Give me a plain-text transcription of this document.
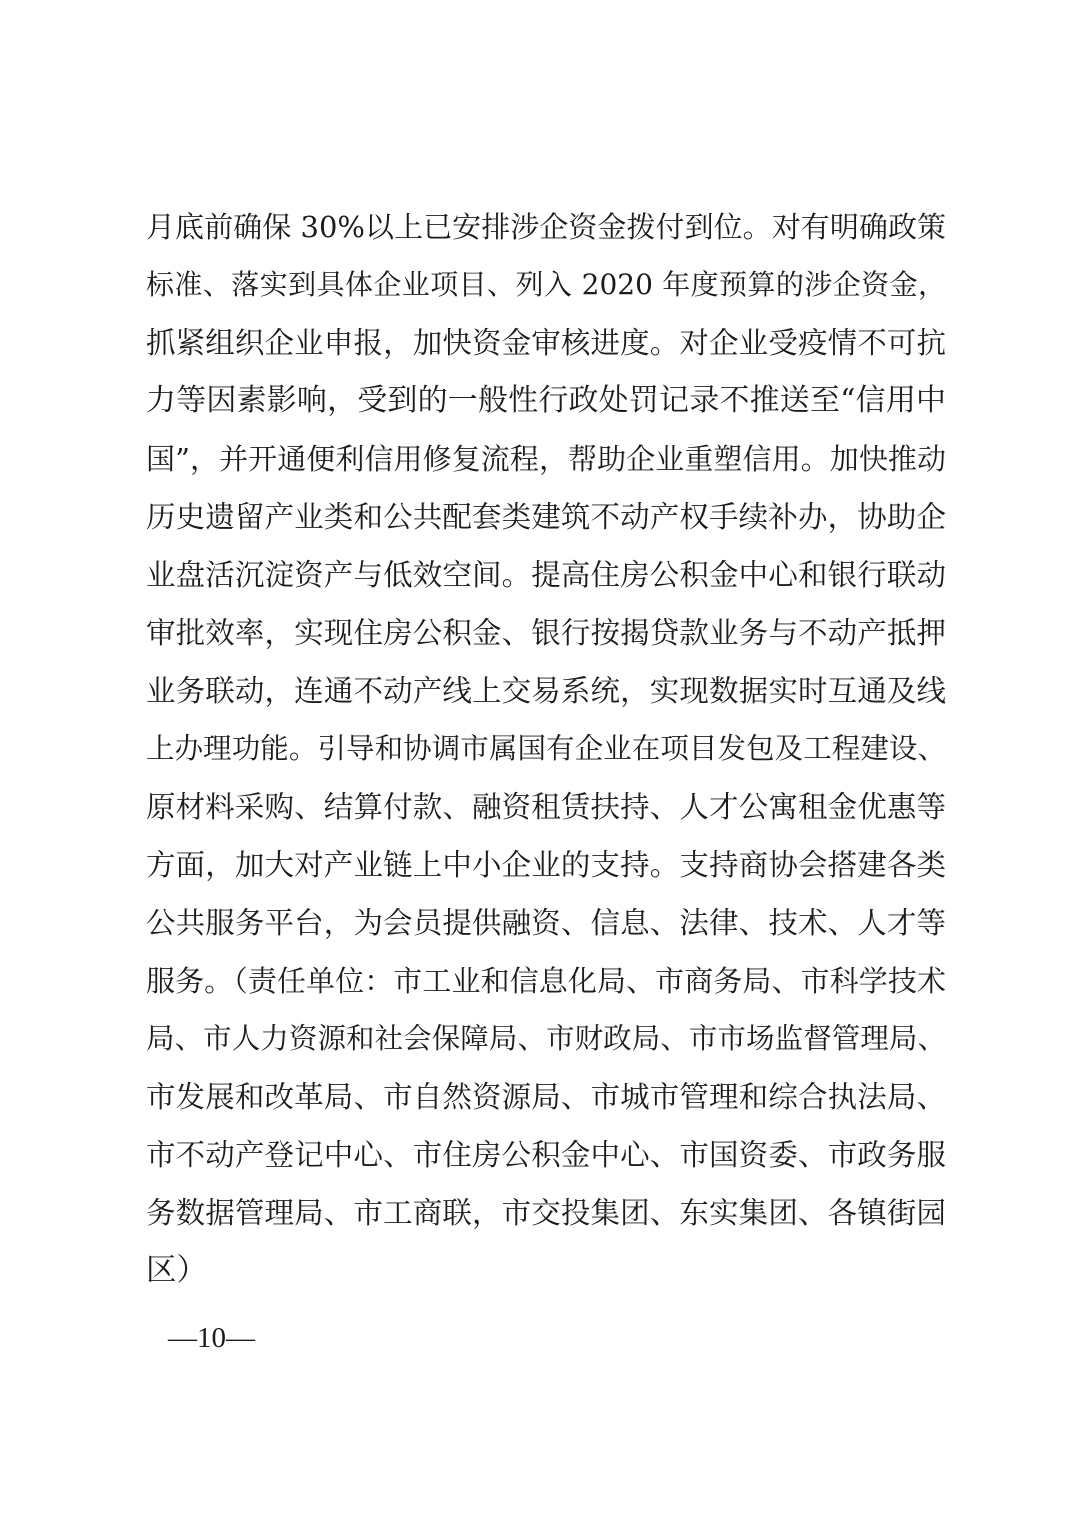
月底前确保 30%以上已安排涉企资金拨付到位。对有明确政策
标准、落实到具体企业项目、列入 2020 年度预算的涉企资金，
抓紧组织企业申报，加快资金审核进度。对企业受疫情不可抗
力等因素影响，受到的一般性行政处罚记录不推送至“信用中
国”，并开通便利信用修复流程，帮助企业重塑信用。加快推动
历史遗留产业类和公共配套类建筑不动产权手续补办，协助企
业盘活沉淀资产与低效空间。提高住房公积金中心和银行联动
审批效率，实现住房公积金、银行按揭贷款业务与不动产抵押
业务联动，连通不动产线上交易系统，实现数据实时互通及线
上办理功能。引导和协调市属国有企业在项目发包及工程建设、
原材料采购、结算付款、融资租赁扶持、人才公寓租金优惠等
方面，加大对产业链上中小企业的支持。支持商协会搭建各类
公共服务平台，为会员提供融资、信息、法律、技术、人才等
服务。（责任单位：市工业和信息化局、市商务局、市科学技术
局、市人力资源和社会保障局、市财政局、市市场监督管理局、
市发展和改革局、市自然资源局、市城市管理和综合执法局、
市不动产登记中心、市住房公积金中心、市国资委、市政务服
务数据管理局、市工商联，市交投集团、东实集团、各镇街园
区）
—10—
